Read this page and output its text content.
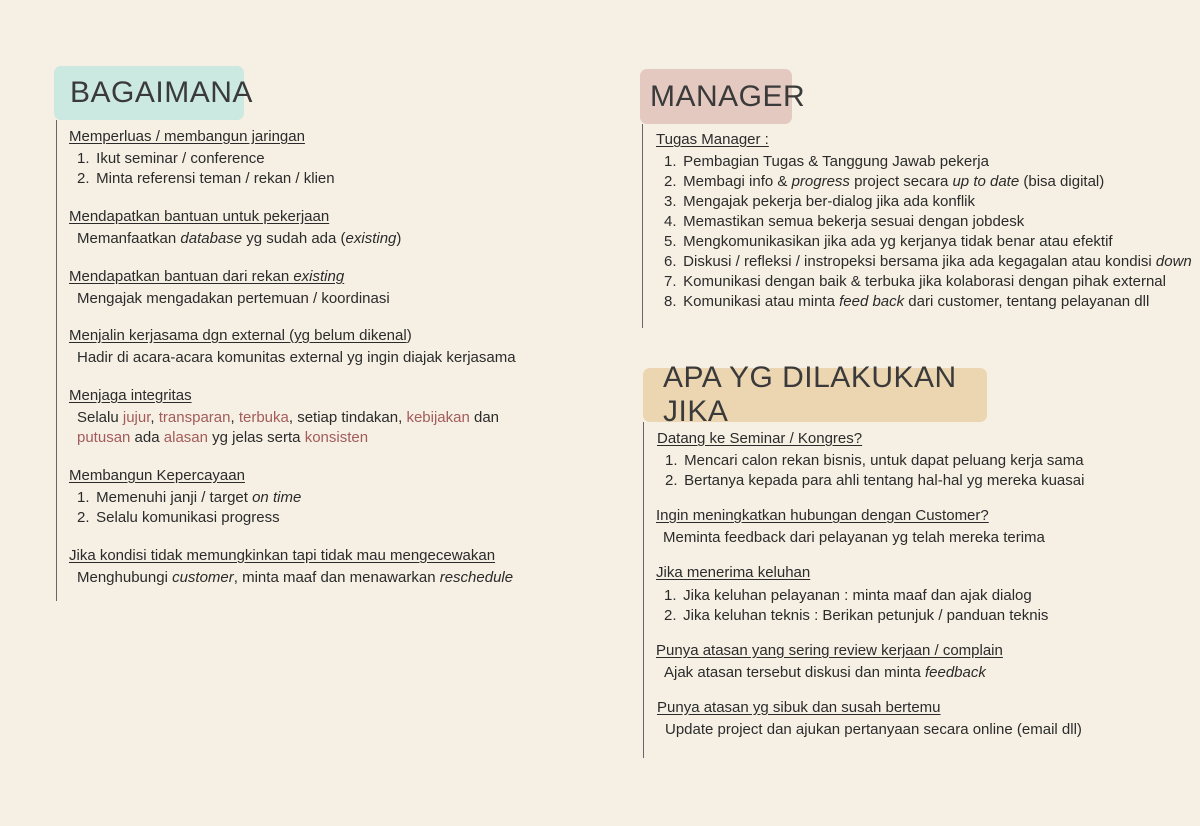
BAGAIMANA
Memperluas / membangun jaringan
1. Ikut seminar / conference
2. Minta referensi teman / rekan / klien
Mendapatkan bantuan untuk pekerjaan
Memanfaatkan database yg sudah ada (existing)
Mendapatkan bantuan dari rekan existing
Mengajak mengadakan pertemuan / koordinasi
Menjalin kerjasama dgn external (yg belum dikenal)
Hadir di acara-acara komunitas external yg ingin diajak kerjasama
Menjaga integritas
Selalu jujur, transparan, terbuka, setiap tindakan, kebijakan dan
putusan ada alasan yg jelas serta konsisten
Membangun Kepercayaan
1. Memenuhi janji / target on time
2. Selalu komunikasi progress
Jika kondisi tidak memungkinkan tapi tidak mau mengecewakan
Menghubungi customer, minta maaf dan menawarkan reschedule
MANAGER
Tugas Manager :
1. Pembagian Tugas & Tanggung Jawab pekerja
2. Membagi info & progress project secara up to date (bisa digital)
3. Mengajak pekerja ber-dialog jika ada konflik
4. Memastikan semua bekerja sesuai dengan jobdesk
5. Mengkomunikasikan jika ada yg kerjanya tidak benar atau efektif
6. Diskusi / refleksi / instropeksi bersama jika ada kegagalan atau kondisi down
7. Komunikasi dengan baik & terbuka jika kolaborasi dengan pihak external
8. Komunikasi atau minta feed back dari customer, tentang pelayanan dll
APA YG DILAKUKAN JIKA
Datang ke Seminar / Kongres?
1. Mencari calon rekan bisnis, untuk dapat peluang kerja sama
2. Bertanya kepada para ahli tentang hal-hal yg mereka kuasai
Ingin meningkatkan hubungan dengan Customer?
Meminta feedback dari pelayanan yg telah mereka terima
Jika menerima keluhan
1. Jika keluhan pelayanan : minta maaf dan ajak dialog
2. Jika keluhan teknis : Berikan petunjuk / panduan teknis
Punya atasan yang sering review kerjaan / complain
Ajak atasan tersebut diskusi dan minta feedback
Punya atasan yg sibuk dan susah bertemu
Update project dan ajukan pertanyaan secara online (email dll)
